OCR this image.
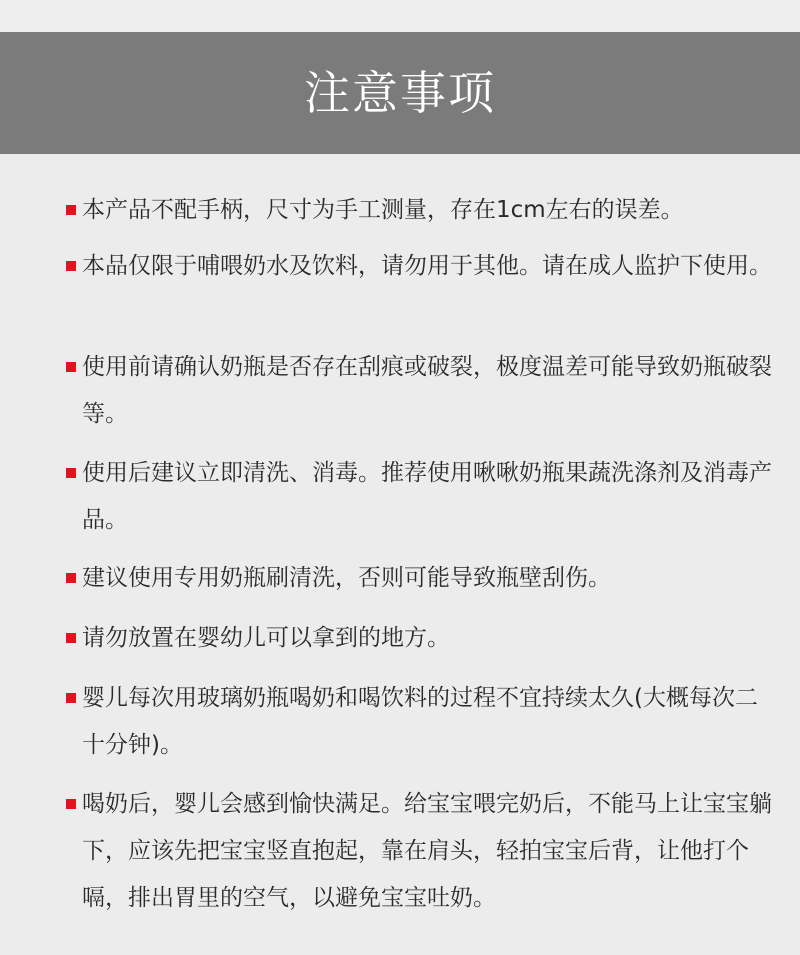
注意事项
本产品不配手柄，尺寸为手工测量，存在1cm左右的误差。
本品仅限于哺喂奶水及饮料，请勿用于其他。请在成人监护下使用。
使用前请确认奶瓶是否存在刮痕或破裂，极度温差可能导致奶瓶破裂等。
使用后建议立即清洗、消毒。推荐使用啾啾奶瓶果蔬洗涤剂及消毒产品。
建议使用专用奶瓶刷清洗，否则可能导致瓶壁刮伤。
请勿放置在婴幼儿可以拿到的地方。
婴儿每次用玻璃奶瓶喝奶和喝饮料的过程不宜持续太久(大概每次二十分钟)。
喝奶后，婴儿会感到愉快满足。给宝宝喂完奶后，不能马上让宝宝躺下，应该先把宝宝竖直抱起，靠在肩头，轻拍宝宝后背，让他打个嗝，排出胃里的空气，以避免宝宝吐奶。
